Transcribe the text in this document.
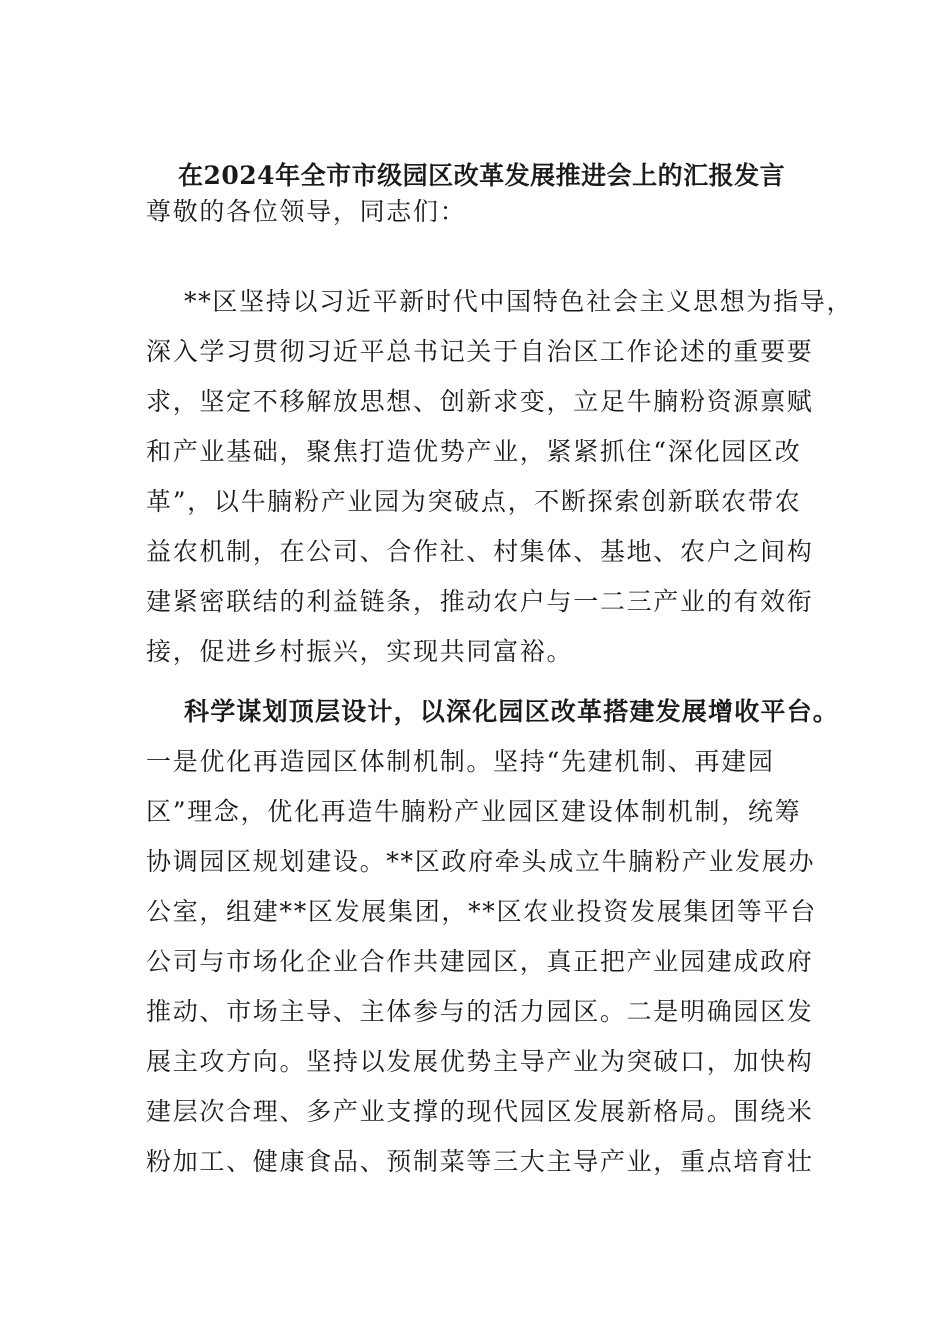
在2024年全市市级园区改革发展推进会上的汇报发言
尊敬的各位领导，同志们：
**区坚持以习近平新时代中国特色社会主义思想为指导，
深入学习贯彻习近平总书记关于自治区工作论述的重要要
求，坚定不移解放思想、创新求变，立足牛腩粉资源禀赋
和产业基础，聚焦打造优势产业，紧紧抓住“深化园区改
革”，以牛腩粉产业园为突破点，不断探索创新联农带农
益农机制，在公司、合作社、村集体、基地、农户之间构
建紧密联结的利益链条，推动农户与一二三产业的有效衔
接，促进乡村振兴，实现共同富裕。
科学谋划顶层设计，以深化园区改革搭建发展增收平台。
一是优化再造园区体制机制。坚持“先建机制、再建园
区”理念，优化再造牛腩粉产业园区建设体制机制，统筹
协调园区规划建设。**区政府牵头成立牛腩粉产业发展办
公室，组建**区发展集团，**区农业投资发展集团等平台
公司与市场化企业合作共建园区，真正把产业园建成政府
推动、市场主导、主体参与的活力园区。二是明确园区发
展主攻方向。坚持以发展优势主导产业为突破口，加快构
建层次合理、多产业支撑的现代园区发展新格局。围绕米
粉加工、健康食品、预制菜等三大主导产业，重点培育壮
